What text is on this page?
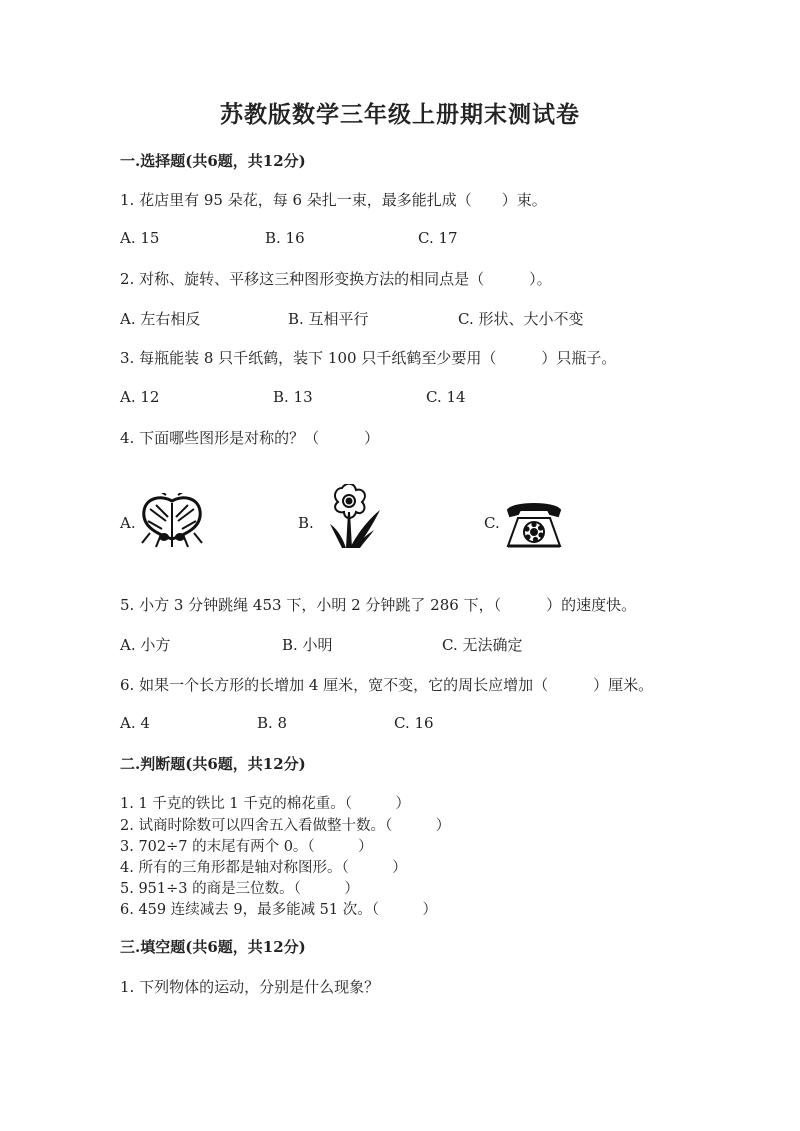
苏教版数学三年级上册期末测试卷
一.选择题(共6题，共12分)
1. 花店里有 95 朵花，每 6 朵扎一束，最多能扎成（　　）束。
A. 15	B. 16	C. 17
2. 对称、旋转、平移这三种图形变换方法的相同点是（　　　）。
A. 左右相反	B. 互相平行	C. 形状、大小不变
3. 每瓶能装 8 只千纸鹤，装下 100 只千纸鹤至少要用（　　　）只瓶子。
A. 12	B. 13	C. 14
4. 下面哪些图形是对称的？（　　　）
A.	B.	C.
5. 小方 3 分钟跳绳 453 下，小明 2 分钟跳了 286 下，（　　　）的速度快。
A. 小方	B. 小明	C. 无法确定
6. 如果一个长方形的长增加 4 厘米，宽不变，它的周长应增加（　　　）厘米。
A. 4	B. 8	C. 16
二.判断题(共6题，共12分)
1. 1 千克的铁比 1 千克的棉花重。（　　　）
2. 试商时除数可以四舍五入看做整十数。（　　　）
3. 702÷7 的末尾有两个 0。（　　　）
4. 所有的三角形都是轴对称图形。（　　　）
5. 951÷3 的商是三位数。（　　　）
6. 459 连续减去 9，最多能减 51 次。（　　　）
三.填空题(共6题，共12分)
1. 下列物体的运动，分别是什么现象？
